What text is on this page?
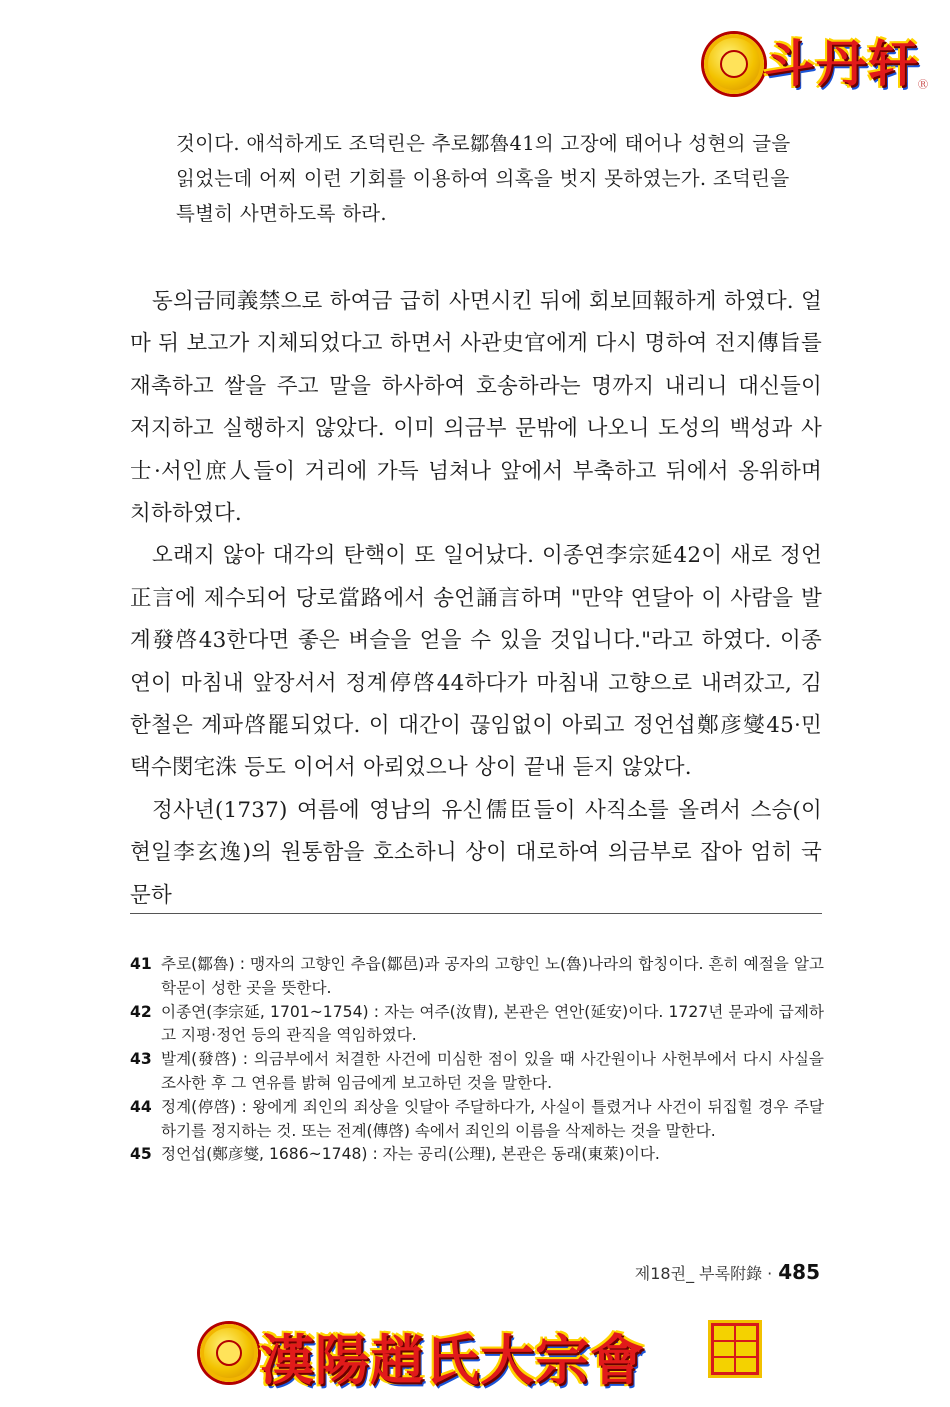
斗丹轩
Ⓡ

것이다. 애석하게도 조덕린은 추로鄒魯41의 고장에 태어나 성현의 글을

읽었는데 어찌 이런 기회를 이용하여 의혹을 벗지 못하였는가. 조덕린을

특별히 사면하도록 하라.

동의금同義禁으로 하여금 급히 사면시킨 뒤에 회보回報하게 하였다. 얼마 뒤 보고가 지체되었다고 하면서 사관史官에게 다시 명하여 전지傳旨를 재촉하고 쌀을 주고 말을 하사하여 호송하라는 명까지 내리니 대신들이 저지하고 실행하지 않았다. 이미 의금부 문밖에 나오니 도성의 백성과 사士·서인庶人들이 거리에 가득 넘쳐나 앞에서 부축하고 뒤에서 옹위하며 치하하였다.

오래지 않아 대각의 탄핵이 또 일어났다. 이종연李宗延42이 새로 정언正言에 제수되어 당로當路에서 송언誦言하며 "만약 연달아 이 사람을 발계發啓43한다면 좋은 벼슬을 얻을 수 있을 것입니다."라고 하였다. 이종연이 마침내 앞장서서 정계停啓44하다가 마침내 고향으로 내려갔고, 김한철은 계파啓罷되었다. 이 대간이 끊임없이 아뢰고 정언섭鄭彦燮45·민택수閔宅洙 등도 이어서 아뢰었으나 상이 끝내 듣지 않았다.

정사년(1737) 여름에 영남의 유신儒臣들이 사직소를 올려서 스승(이현일李玄逸)의 원통함을 호소하니 상이 대로하여 의금부로 잡아 엄히 국문하

41 추로(鄒魯) : 맹자의 고향인 추읍(鄒邑)과 공자의 고향인 노(魯)나라의 합칭이다. 흔히 예절을 알고 학문이 성한 곳을 뜻한다.
42 이종연(李宗延, 1701~1754) : 자는 여주(汝胄), 본관은 연안(延安)이다. 1727년 문과에 급제하고 지평·정언 등의 관직을 역임하였다.
43 발계(發啓) : 의금부에서 처결한 사건에 미심한 점이 있을 때 사간원이나 사헌부에서 다시 사실을 조사한 후 그 연유를 밝혀 임금에게 보고하던 것을 말한다.
44 정계(停啓) : 왕에게 죄인의 죄상을 잇달아 주달하다가, 사실이 틀렸거나 사건이 뒤집힐 경우 주달하기를 정지하는 것. 또는 전계(傳啓) 속에서 죄인의 이름을 삭제하는 것을 말한다.
45 정언섭(鄭彦燮, 1686~1748) : 자는 공리(公理), 본관은 동래(東萊)이다.
제18권_ 부록附錄 · 485
漢陽趙氏大宗會
